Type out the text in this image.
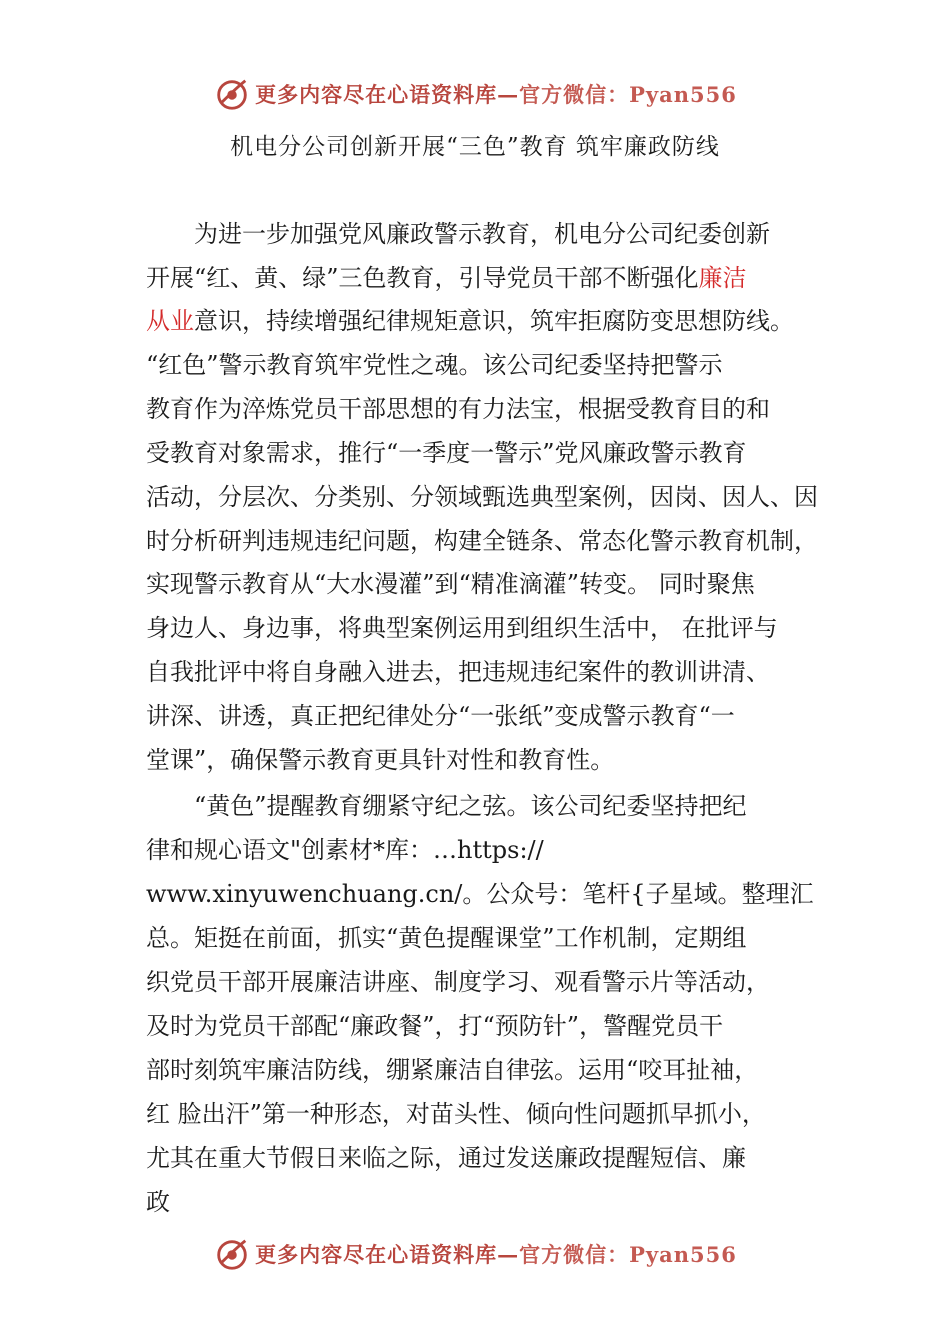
更多内容尽在心语资料库—官方微信：Pyan556
机电分公司创新开展“三色”教育 筑牢廉政防线
　　为进一步加强党风廉政警示教育，机电分公司纪委创新
开展“红、黄、绿”三色教育，引导党员干部不断强化廉洁
从业意识，持续增强纪律规矩意识，筑牢拒腐防变思想防线。
“红色”警示教育筑牢党性之魂。该公司纪委坚持把警示
教育作为淬炼党员干部思想的有力法宝，根据受教育目的和
受教育对象需求，推行“一季度一警示”党风廉政警示教育
活动，分层次、分类别、分领域甄选典型案例，因岗、因人、因
时分析研判违规违纪问题，构建全链条、常态化警示教育机制，
实现警示教育从“大水漫灌”到“精准滴灌”转变。 同时聚焦
身边人、身边事，将典型案例运用到组织生活中， 在批评与
自我批评中将自身融入进去，把违规违纪案件的教训讲清、
讲深、讲透，真正把纪律处分“一张纸”变成警示教育“一
堂课”，确保警示教育更具针对性和教育性。
　　“黄色”提醒教育绷紧守纪之弦。该公司纪委坚持把纪
律和规心语文"创素材*库：…https://
www.xinyuwenchuang.cn/。公众号：笔杆{子星域。整理汇
总。矩挺在前面，抓实“黄色提醒课堂”工作机制，定期组
织党员干部开展廉洁讲座、制度学习、观看警示片等活动，
及时为党员干部配“廉政餐”，打“预防针”，警醒党员干
部时刻筑牢廉洁防线，绷紧廉洁自律弦。运用“咬耳扯袖，
红 脸出汗”第一种形态，对苗头性、倾向性问题抓早抓小，
尤其在重大节假日来临之际，通过发送廉政提醒短信、廉
政
更多内容尽在心语资料库—官方微信：Pyan556
